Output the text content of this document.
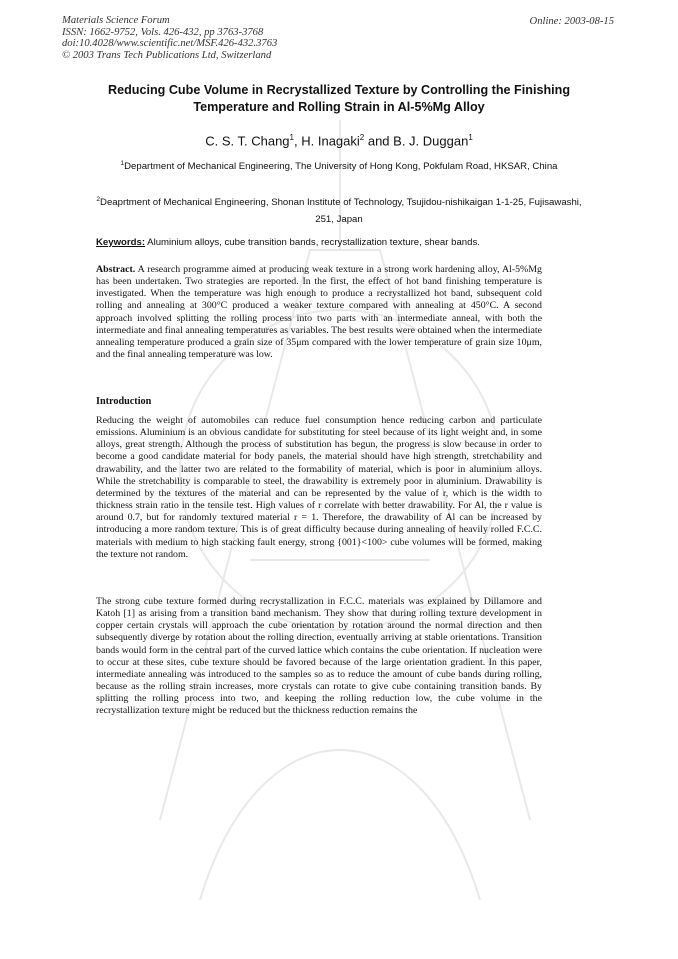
Materials Science Forum
ISSN: 1662-9752, Vols. 426-432, pp 3763-3768
doi:10.4028/www.scientific.net/MSF.426-432.3763
© 2003 Trans Tech Publications Ltd, Switzerland
Online: 2003-08-15
Reducing Cube Volume in Recrystallized Texture by Controlling the Finishing Temperature and Rolling Strain in Al-5%Mg Alloy
C. S. T. Chang$^1$, H. Inagaki$^2$ and B. J. Duggan$^1$
$^1$Department of Mechanical Engineering, The University of Hong Kong, Pokfulam Road, HKSAR, China
$^2$Deaprtment of Mechanical Engineering, Shonan Institute of Technology, Tsujidou-nishikaigan 1-1-25, Fujisawashi, 251, Japan
Keywords: Aluminium alloys, cube transition bands, recrystallization texture, shear bands.
Abstract. A research programme aimed at producing weak texture in a strong work hardening alloy, Al-5%Mg has been undertaken. Two strategies are reported. In the first, the effect of hot band finishing temperature is investigated. When the temperature was high enough to produce a recrystallized hot band, subsequent cold rolling and annealing at 300°C produced a weaker texture compared with annealing at 450°C. A second approach involved splitting the rolling process into two parts with an intermediate anneal, with both the intermediate and final annealing temperatures as variables. The best results were obtained when the intermediate annealing temperature produced a grain size of 35μm compared with the lower temperature of grain size 10μm, and the final annealing temperature was low.
Introduction
Reducing the weight of automobiles can reduce fuel consumption hence reducing carbon and particulate emissions. Aluminium is an obvious candidate for substituting for steel because of its light weight and, in some alloys, great strength. Although the process of substitution has begun, the progress is slow because in order to become a good candidate material for body panels, the material should have high strength, stretchability and drawability, and the latter two are related to the formability of material, which is poor in aluminium alloys. While the stretchability is comparable to steel, the drawability is extremely poor in aluminium. Drawability is determined by the textures of the material and can be represented by the value of r, which is the width to thickness strain ratio in the tensile test. High values of r correlate with better drawability. For Al, the r value is around 0.7, but for randomly textured material r = 1. Therefore, the drawability of Al can be increased by introducing a more random texture. This is of great difficulty because during annealing of heavily rolled F.C.C. materials with medium to high stacking fault energy, strong {001}<100> cube volumes will be formed, making the texture not random.
The strong cube texture formed during recrystallization in F.C.C. materials was explained by Dillamore and Katoh [1] as arising from a transition band mechanism. They show that during rolling texture development in copper certain crystals will approach the cube orientation by rotation around the normal direction and then subsequently diverge by rotation about the rolling direction, eventually arriving at stable orientations. Transition bands would form in the central part of the curved lattice which contains the cube orientation. If nucleation were to occur at these sites, cube texture should be favored because of the large orientation gradient. In this paper, intermediate annealing was introduced to the samples so as to reduce the amount of cube bands during rolling, because as the rolling strain increases, more crystals can rotate to give cube containing transition bands. By splitting the rolling process into two, and keeping the rolling reduction low, the cube volume in the recrystallization texture might be reduced but the thickness reduction remains the
